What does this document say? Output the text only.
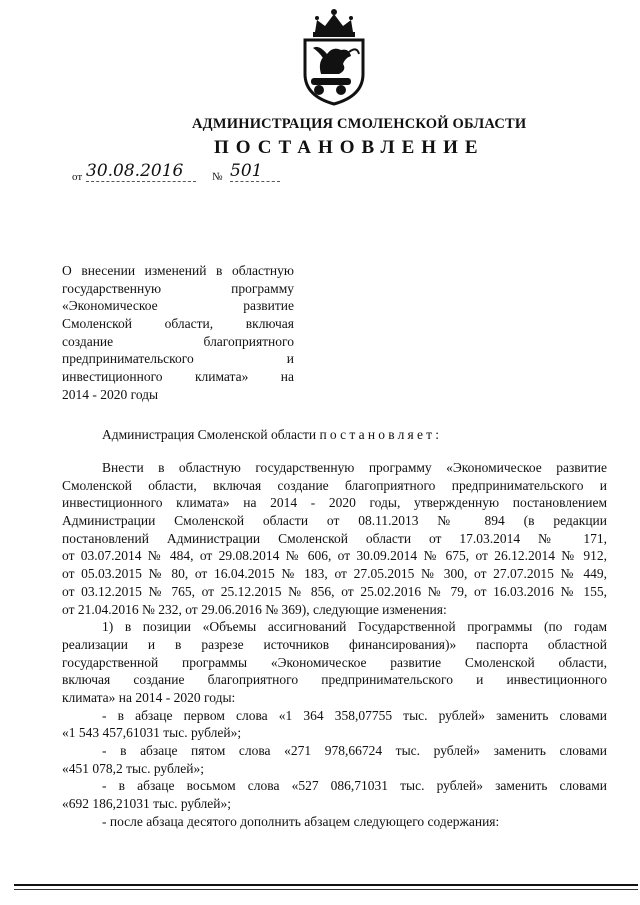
АДМИНИСТРАЦИЯ СМОЛЕНСКОЙ ОБЛАСТИ
ПОСТАНОВЛЕНИЕ
от 30.08.2016	№ 501
О внесении изменений в областную
государственную программу
«Экономическое развитие
Смоленской области, включая
создание благоприятного
предпринимательского и
инвестиционного климата» на
2014 - 2020 годы
Администрация Смоленской области постановляет:
Внести в областную государственную программу «Экономическое развитие
Смоленской области, включая создание благоприятного предпринимательского и
инвестиционного климата» на 2014 - 2020 годы, утвержденную постановлением
Администрации Смоленской области от 08.11.2013 № 894 (в редакции
постановлений Администрации Смоленской области от 17.03.2014 № 171,
от 03.07.2014 № 484, от 29.08.2014 № 606, от 30.09.2014 № 675, от 26.12.2014 № 912,
от 05.03.2015 № 80, от 16.04.2015 № 183, от 27.05.2015 № 300, от 27.07.2015 № 449,
от 03.12.2015 № 765, от 25.12.2015 № 856, от 25.02.2016 № 79, от 16.03.2016 № 155,
от 21.04.2016 № 232, от 29.06.2016 № 369), следующие изменения:
1) в позиции «Объемы ассигнований Государственной программы (по годам
реализации и в разрезе источников финансирования)» паспорта областной
государственной программы «Экономическое развитие Смоленской области,
включая создание благоприятного предпринимательского и инвестиционного
климата» на 2014 - 2020 годы:
- в абзаце первом слова «1 364 358,07755 тыс. рублей» заменить словами
«1 543 457,61031 тыс. рублей»;
- в абзаце пятом слова «271 978,66724 тыс. рублей» заменить словами
«451 078,2 тыс. рублей»;
- в абзаце восьмом слова «527 086,71031 тыс. рублей» заменить словами
«692 186,21031 тыс. рублей»;
- после абзаца десятого дополнить абзацем следующего содержания:
